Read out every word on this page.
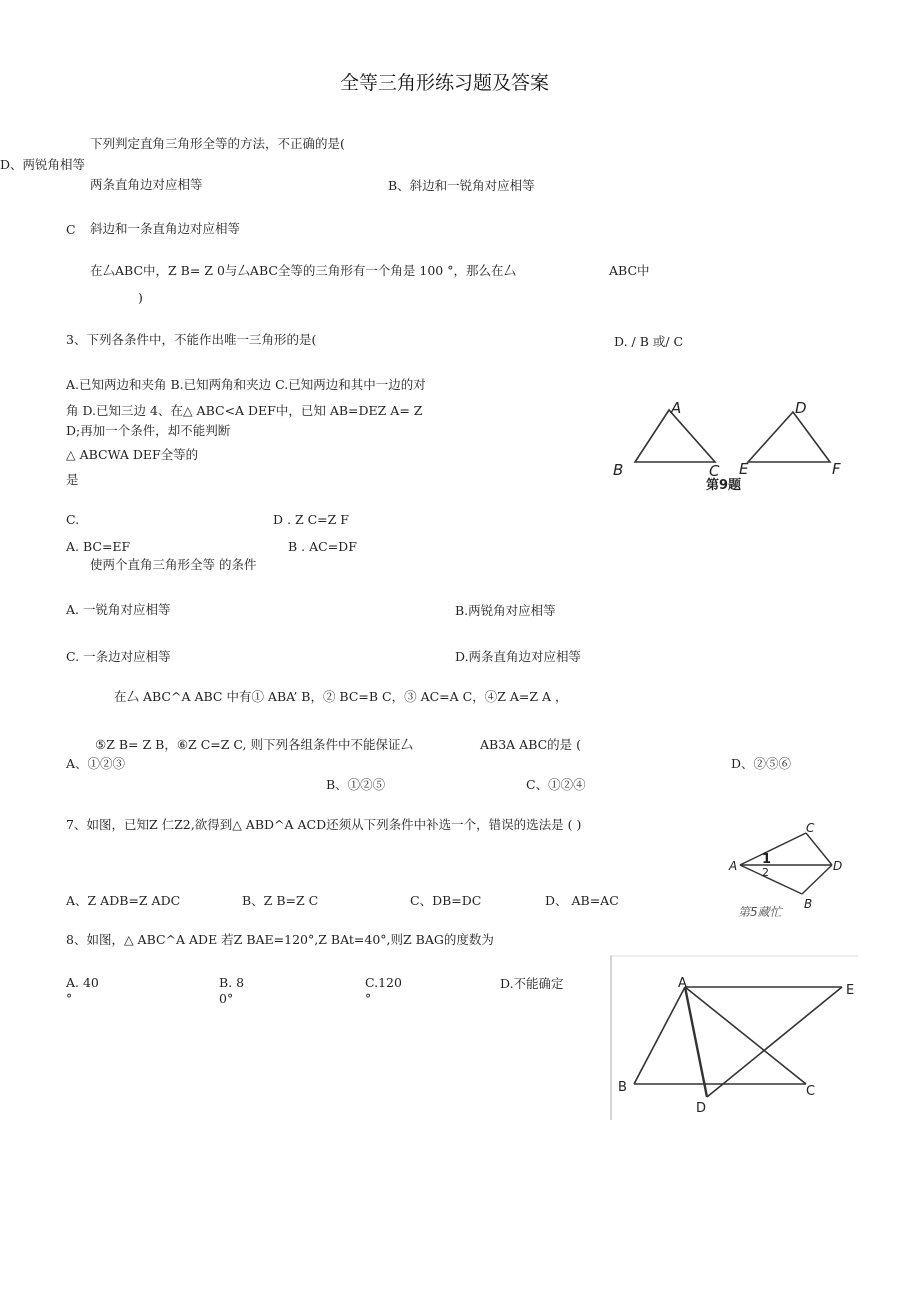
全等三角形练习题及答案
下列判定直角三角形全等的方法，不正确的是(
D、两锐角相等
两条直角边对应相等	B、斜边和一锐角对应相等
C 斜边和一条直角边对应相等
在厶ABC中，Z B= Z 0与厶ABC全等的三角形有一个角是 100 °，那么在厶	ABC中
)
3、下列各条件中，不能作出唯一三角形的是(	D. / B 或/ C
A.已知两边和夹角 B.已知两角和夹边 C.已知两边和其中一边的对
角 D.已知三边 4、在△ ABC<A DEF中，已知 AB=DEZ A= Z
D;再加一个条件，却不能判断
△ ABCWA DEF全等的
是
C.	D . Z C=Z F
A. BC=EF	B . AC=DF
A
B	C
D
E	F
第9题
使两个直角三角形全等 的条件
A. 一锐角对应相等	B.两锐角对应相等
C. 一条边对应相等	D.两条直角边对应相等
在厶 ABC^A ABC 中有① ABA’ B，② BC=B C，③ AC=A C，④Z A=Z A ，
⑤Z B= Z B，⑥Z C=Z C, 则下列各组条件中不能保证厶	AB3A ABC的是 (
A、①②③	D、②⑤⑥
B、①②⑤	C、①②④
7、如图，已知Z 仁Z2,欲得到△ ABD^A ACD还须从下列条件中补选一个，错误的选法是 ( )
A、Z ADB=Z ADC	B、Z B=Z C	C、DB=DC	D、 AB=AC
A
B
C
D
1
2
第5藏忙
8、如图，△ ABC^A ADE 若Z BAE=120°,Z BAt=40°,则Z BAG的度数为
A. 40
°
B. 8
0°
C.120
°
D.不能确定	A
B	C
D
E
